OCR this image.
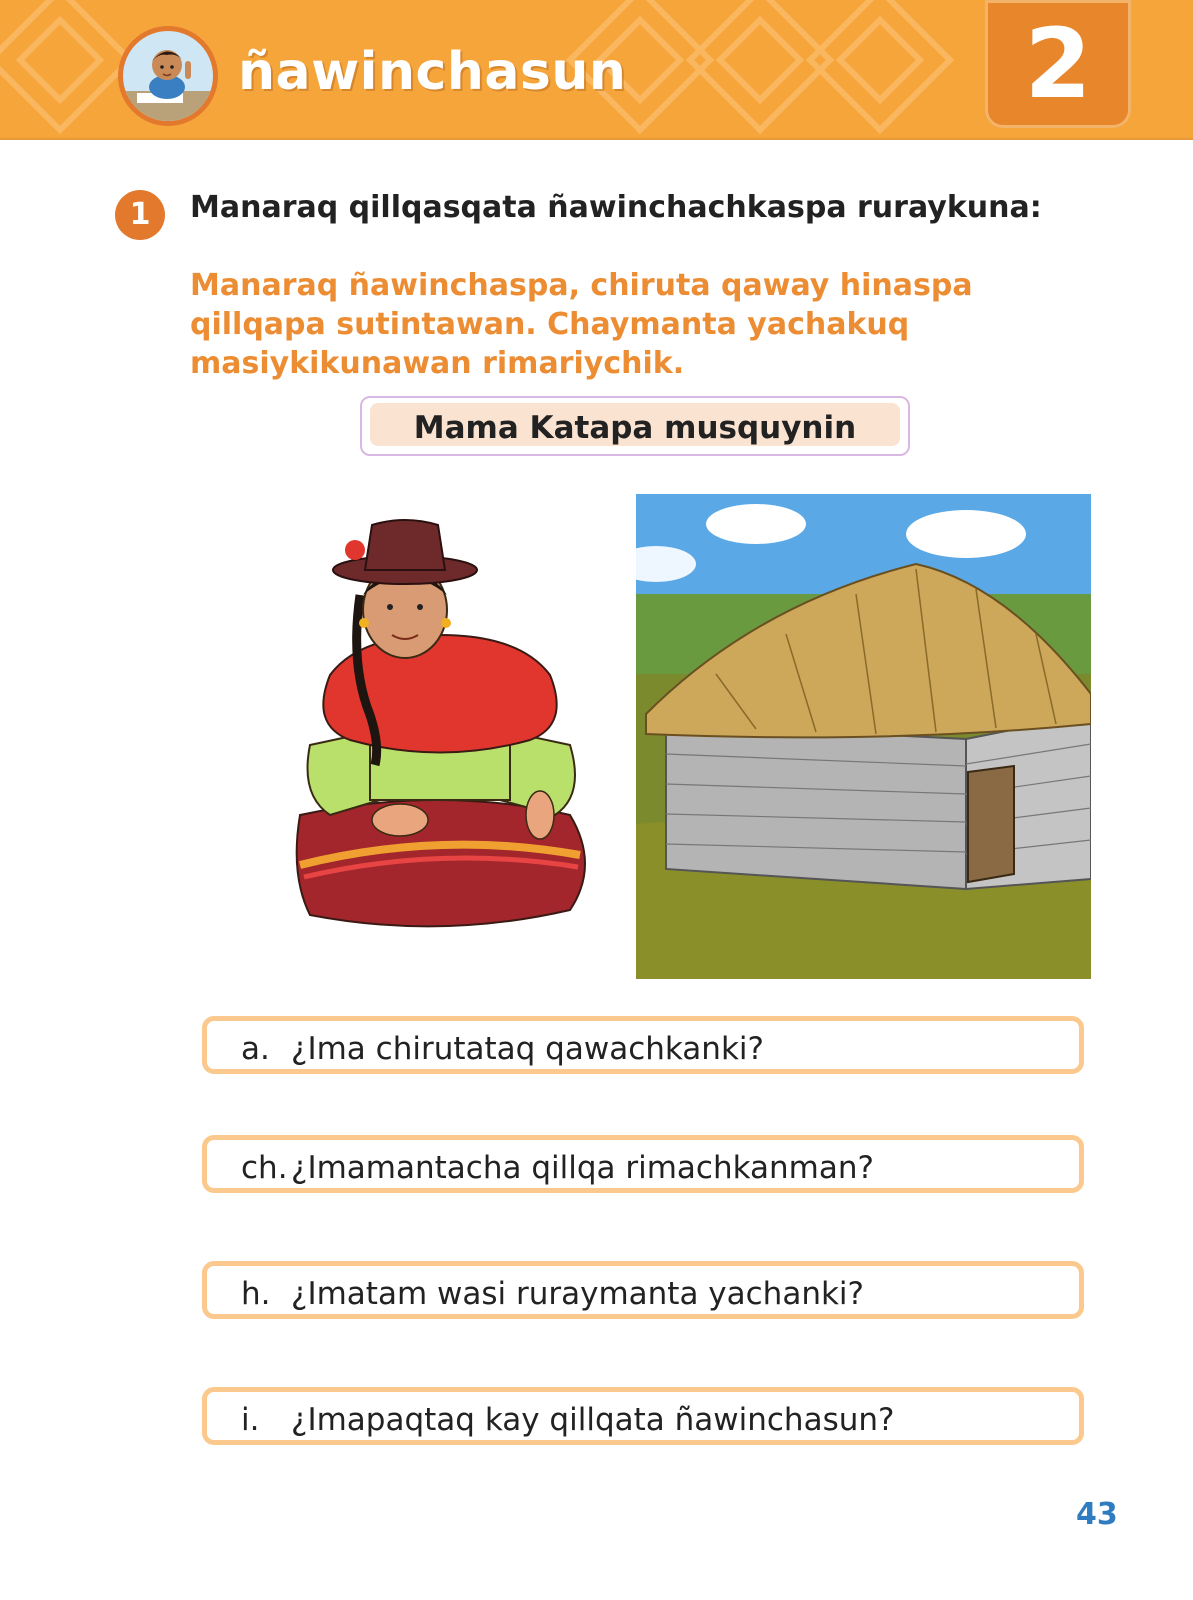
ñawinchasun	2
1	Manaraq qillqasqata ñawinchachkaspa ruraykuna:
Manaraq ñawinchaspa, chiruta qaway hinaspa
qillqapa sutintawan. Chaymanta yachakuq
masiykikunawan rimariychik.
Mama Katapa musquynin
a. ¿Ima chirutataq qawachkanki?
ch. ¿Imamantacha qillqa rimachkanman?
h. ¿Imatam wasi ruraymanta yachanki?
i. ¿Imapaqtaq kay qillqata ñawinchasun?
43
